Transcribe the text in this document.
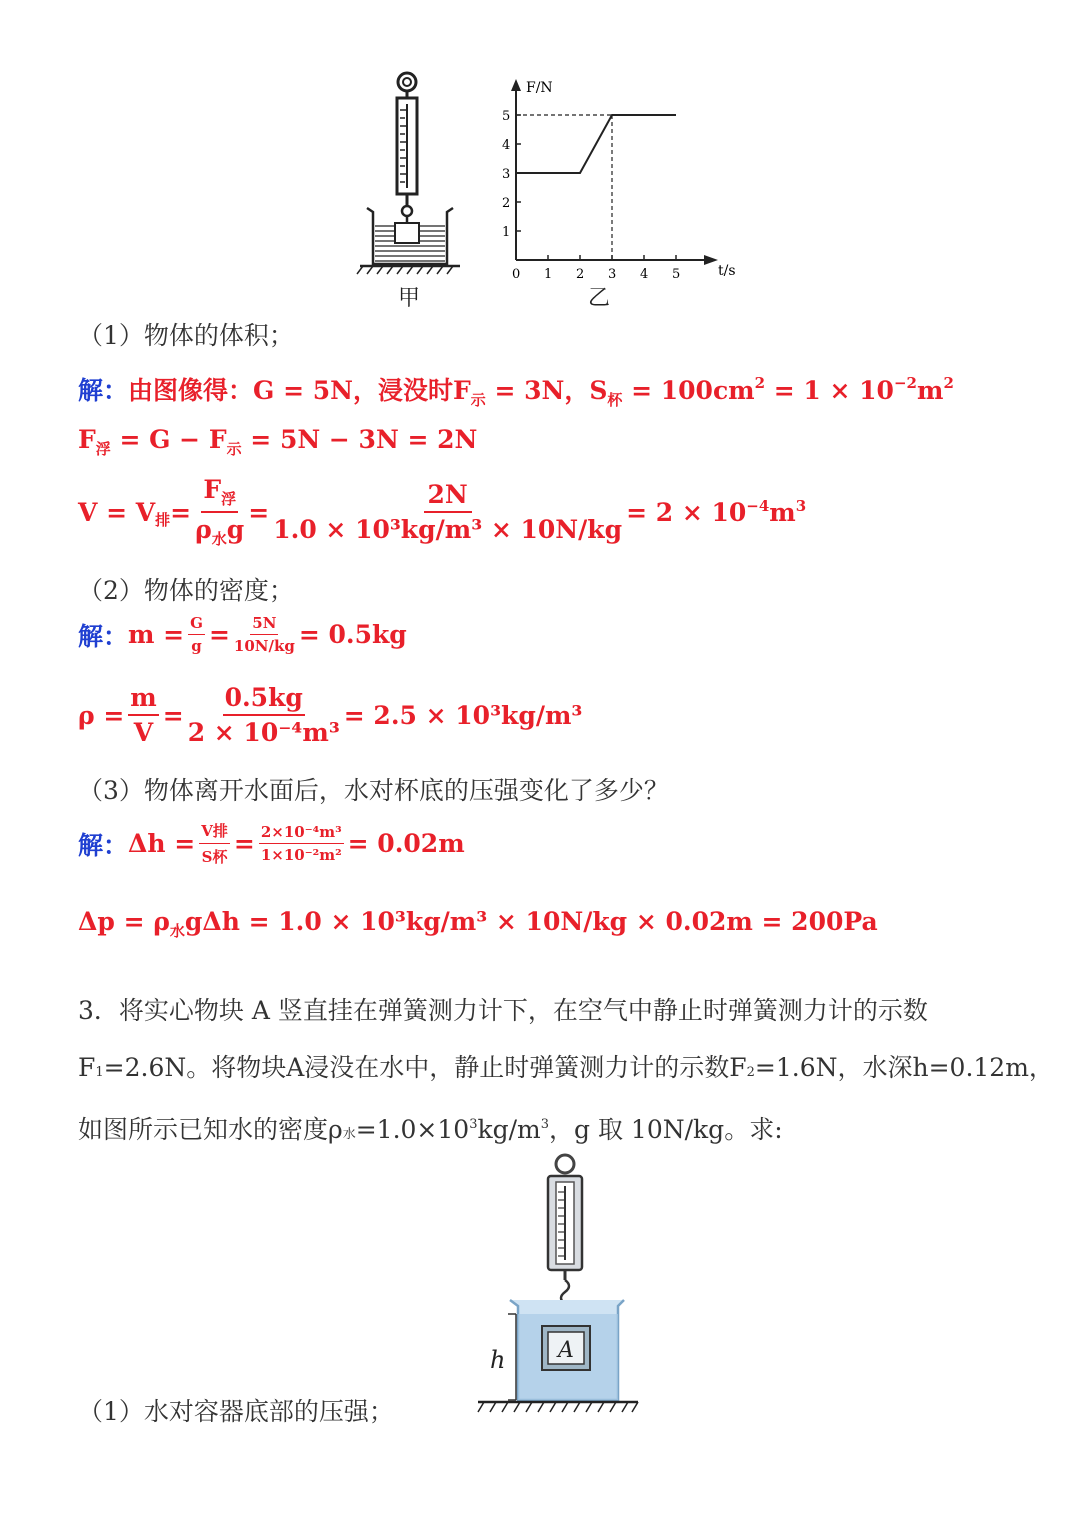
甲
F/N
t/s
1
2
3
4
5
0 1 2 3 4 5
乙
（1）物体的体积；
解：由图像得：G = 5N，浸没时$F_示 = 3N$，$S_杯 = 100cm^2 = 1 \times 10^{-2}m^2$
$F_浮 = G - F_示 = 5N - 3N = 2N$
V = V 排 = $\frac{F_浮}{\rho_水g} = \frac{2N}{\text{1.0 × 10³kg/m³ × 10N/kg}} = 2 \times 10 -4$ m 3
（2）物体的密度；
解： $m = \frac{G}{g} = \frac{5N}{10N/kg} = 0.5kg$
$\rho = \frac{m}{V} = \frac{0.5kg}{\text{2 × 10⁻⁴m³}} = 2.5 \times 10^3kg/m^3$
（3）物体离开水面后，水对杯底的压强变化了多少？
解： $\Delta h = \frac{\text{V排}}{\text{S杯}} = \frac{\text{2×10⁻⁴m³}}{\text{1×10⁻²m²}} = 0.02m$
$\Delta p = \rho_水g\Delta h = 1.0 \times 10^3kg/m^3 \times 10N/kg \times 0.02m = 200Pa$
3．将实心物块 A 竖直挂在弹簧测力计下，在空气中静止时弹簧测力计的示数
F1=2.6N。将物块A浸没在水中，静止时弹簧测力计的示数F2=1.6N，水深h=0.12m，
如图所示已知水的密度ρ水$=1.0\times 10^3kg/m^3$，g 取 10N/kg。求:
A
h
（1）水对容器底部的压强；
